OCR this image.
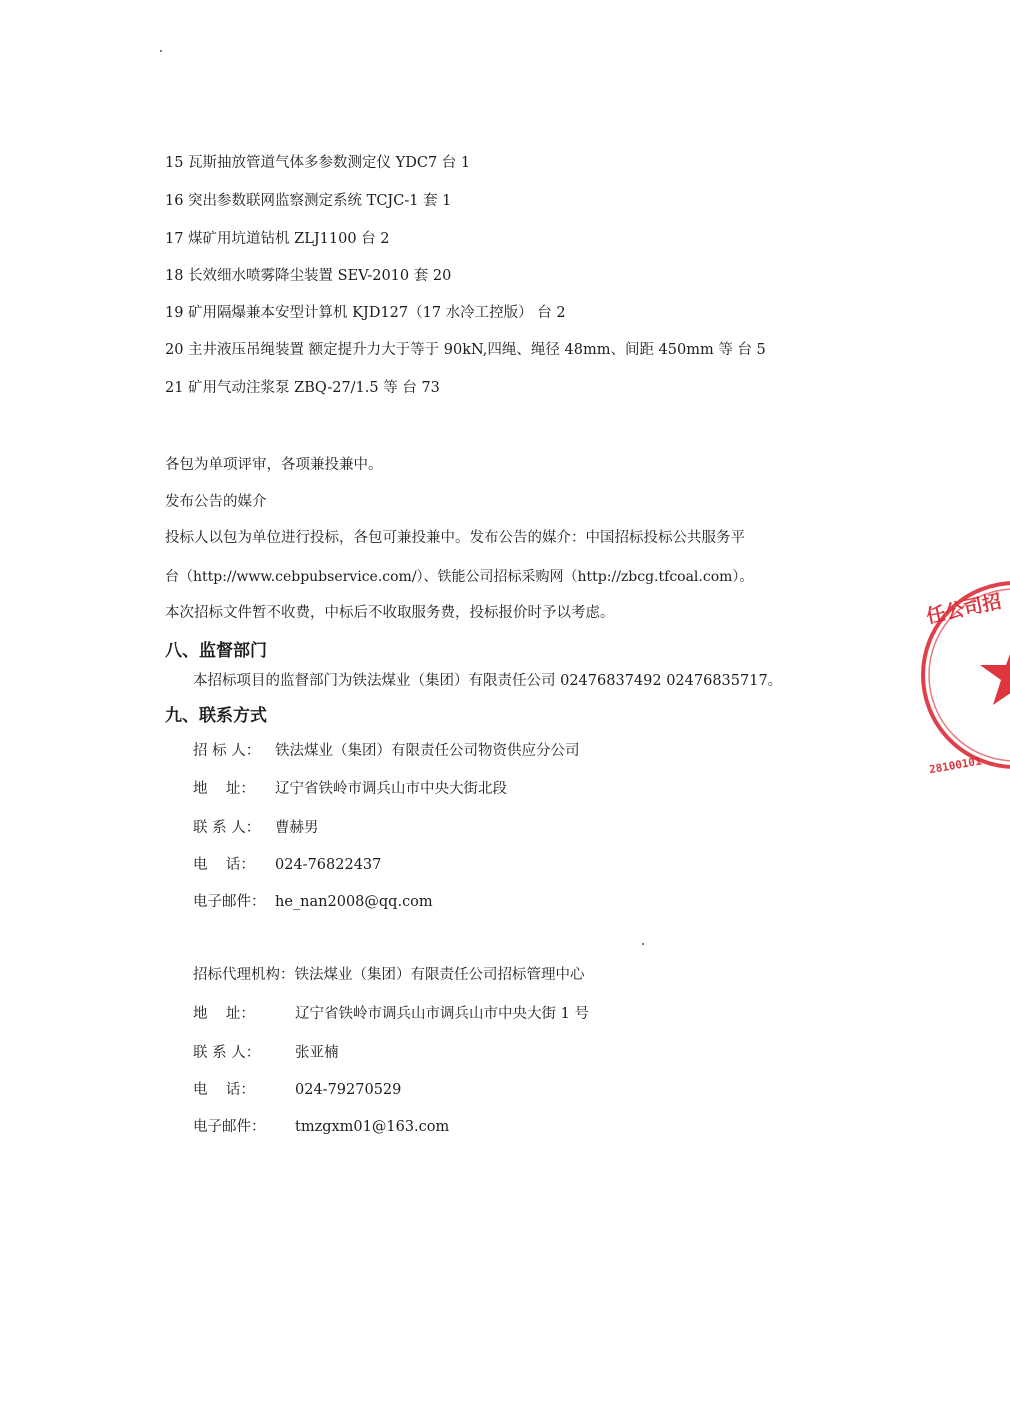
15 瓦斯抽放管道气体多参数测定仪 YDC7 台 1
16 突出参数联网监察测定系统 TCJC-1 套 1
17 煤矿用坑道钻机 ZLJ1100 台 2
18 长效细水喷雾降尘装置 SEV-2010 套 20
19 矿用隔爆兼本安型计算机 KJD127（17 水冷工控版） 台 2
20 主井液压吊绳装置 额定提升力大于等于 90kN,四绳、绳径 48mm、间距 450mm 等 台 5
21 矿用气动注浆泵 ZBQ-27/1.5 等 台 73
各包为单项评审，各项兼投兼中。
发布公告的媒介
投标人以包为单位进行投标，各包可兼投兼中。发布公告的媒介：中国招标投标公共服务平
台（http://www.cebpubservice.com/）、铁能公司招标采购网（http://zbcg.tfcoal.com）。
本次招标文件暂不收费，中标后不收取服务费，投标报价时予以考虑。
八、监督部门
本招标项目的监督部门为铁法煤业（集团）有限责任公司 02476837492 02476835717。
九、联系方式
招 标 人： 铁法煤业（集团）有限责任公司物资供应分公司
地    址： 辽宁省铁岭市调兵山市中央大街北段
联 系 人： 曹赫男
电    话： 024-76822437
电子邮件： he_nan2008@qq.com
招标代理机构：铁法煤业（集团）有限责任公司招标管理中心
地    址：	辽宁省铁岭市调兵山市调兵山市中央大街 1 号
联 系 人： 张亚楠
电    话：	024-79270529
电子邮件： tmzgxm01@163.com
任公司招
28100101
